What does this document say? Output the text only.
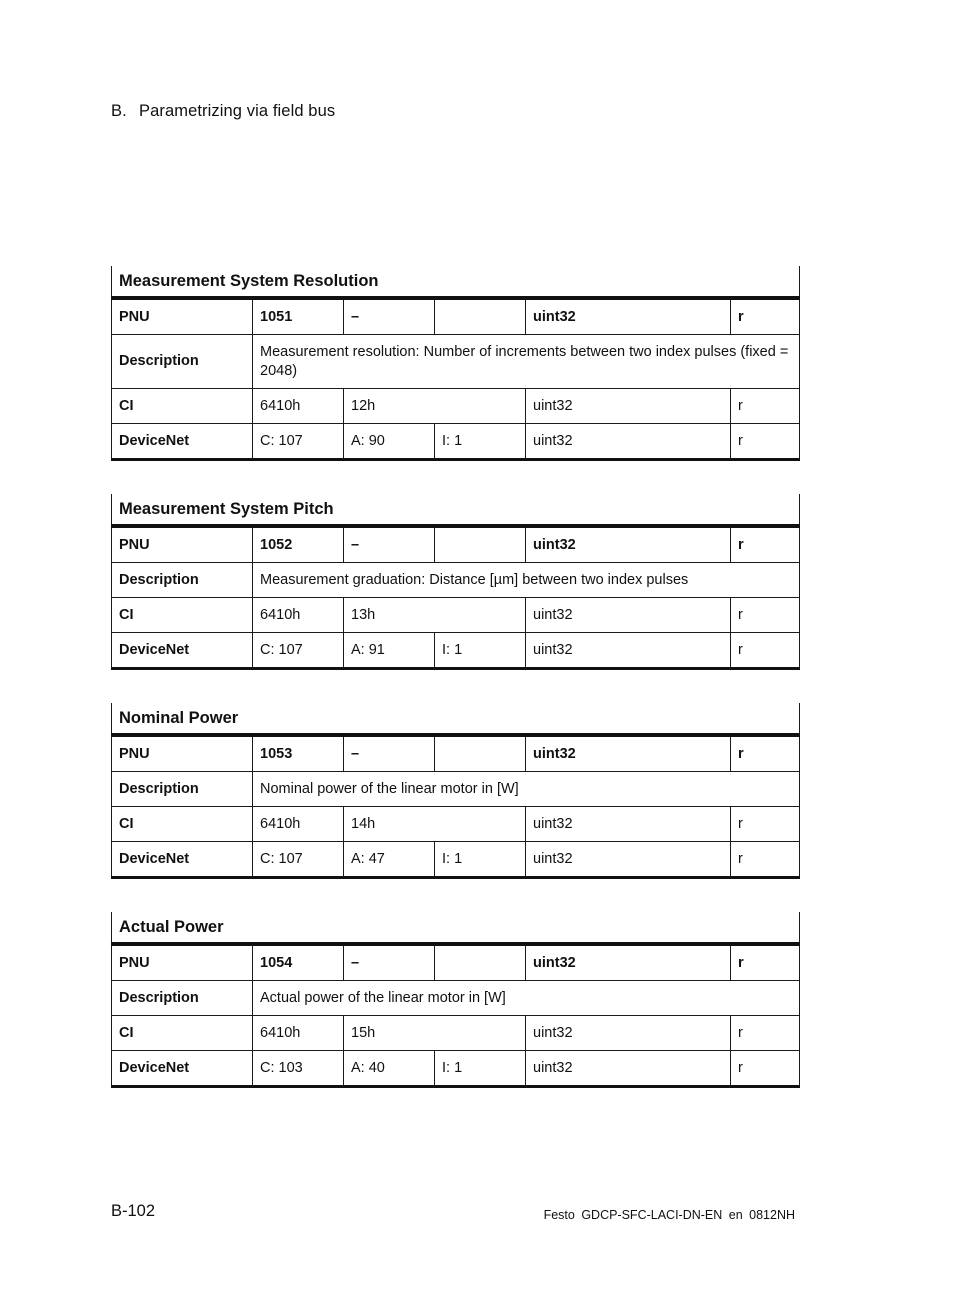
B. Parametrizing via field bus
Measurement System Resolution					
PNU	1051	–		uint32	r
Description	Measurement resolution: Number of increments between two index pulses (fixed = 2048)				
CI	6410h	12h		uint32	r
DeviceNet	C: 107	A: 90	I: 1	uint32	r
Measurement System Pitch					
PNU	1052	–		uint32	r
Description	Measurement graduation: Distance [µm] between two index pulses				
CI	6410h	13h		uint32	r
DeviceNet	C: 107	A: 91	I: 1	uint32	r
Nominal Power					
PNU	1053	–		uint32	r
Description	Nominal power of the linear motor in [W]				
CI	6410h	14h		uint32	r
DeviceNet	C: 107	A: 47	I: 1	uint32	r
Actual Power					
PNU	1054	–		uint32	r
Description	Actual power of the linear motor in [W]				
CI	6410h	15h		uint32	r
DeviceNet	C: 103	A: 40	I: 1	uint32	r
B-102	Festo GDCP-SFC-LACI-DN-EN en 0812NH
